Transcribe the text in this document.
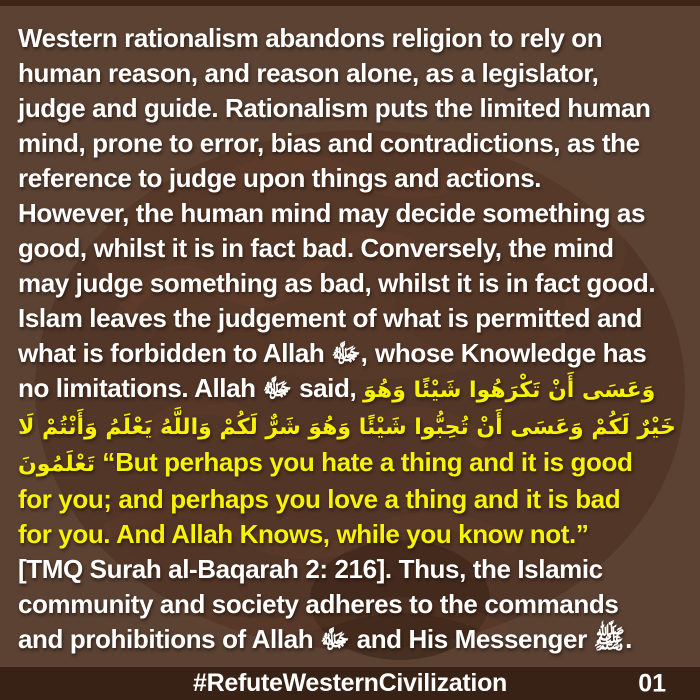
Western rationalism abandons religion to rely on
human reason, and reason alone, as a legislator,
judge and guide. Rationalism puts the limited human
mind, prone to error, bias and contradictions, as the
reference to judge upon things and actions.
However, the human mind may decide something as
good, whilst it is in fact bad. Conversely, the mind
may judge something as bad, whilst it is in fact good.
Islam leaves the judgement of what is permitted and
what is forbidden to Allah ﷻ, whose Knowledge has
no limitations. Allah ﷻ said, وَعَسَى أَنْ تَكْرَهُوا شَيْئًا وَهُوَ
خَيْرٌ لَكُمْ وَعَسَى أَنْ تُحِبُّوا شَيْئًا وَهُوَ شَرٌّ لَكُمْ وَاللَّهُ يَعْلَمُ وَأَنْتُمْ لَا
تَعْلَمُونَ “But perhaps you hate a thing and it is good
for you; and perhaps you love a thing and it is bad
for you. And Allah Knows, while you know not.”
[TMQ Surah al-Baqarah 2: 216]. Thus, the Islamic
community and society adheres to the commands
and prohibitions of Allah ﷻ and His Messenger ﷺ.
#RefuteWesternCivilization	01
